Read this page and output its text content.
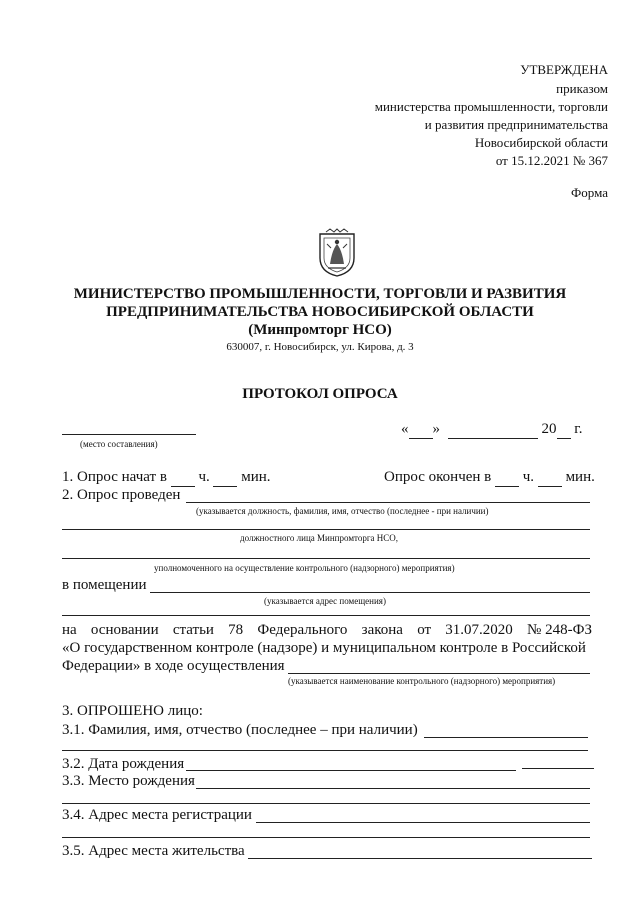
УТВЕРЖДЕНА
приказом
министерства промышленности, торговли
и развития предпринимательства
Новосибирской области
от 15.12.2021 № 367
Форма
МИНИСТЕРСТВО ПРОМЫШЛЕННОСТИ, ТОРГОВЛИ И РАЗВИТИЯ
ПРЕДПРИНИМАТЕЛЬСТВА НОВОСИБИРСКОЙ ОБЛАСТИ
(Минпромторг НСО)
630007, г. Новосибирск, ул. Кирова, д. 3
ПРОТОКОЛ ОПРОСА
(место составления)
« »	20 г.
1. Опрос начат в ч. мин.	Опрос окончен в ч. мин.
2. Опрос проведен
(указывается должность, фамилия, имя, отчество (последнее - при наличии)
должностного лица Минпромторга НСО,
уполномоченного на осуществление контрольного (надзорного) мероприятия)
в помещении
(указывается адрес помещения)
на основании статьи 78 Федерального закона от 31.07.2020 № 248-ФЗ
«О государственном контроле (надзоре) и муниципальном контроле в Российской
Федерации» в ходе осуществления
(указывается наименование контрольного (надзорного) мероприятия)
3. ОПРОШЕНО лицо:
3.1. Фамилия, имя, отчество (последнее – при наличии)
3.2. Дата рождения
3.3. Место рождения
3.4. Адрес места регистрации
3.5. Адрес места жительства
